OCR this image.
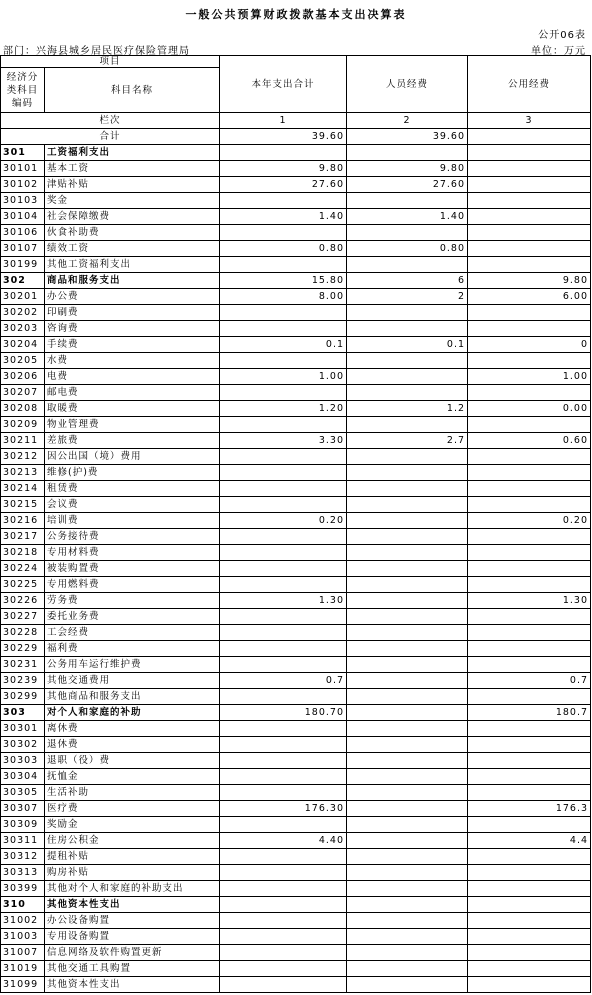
一般公共预算财政拨款基本支出决算表
公开06表
部门：兴海县城乡居民医疗保险管理局	单位：万元
项目		本年支出合计	人员经费	公用经费
经济分类科目编码	科目名称			
栏次		1	2	3
合计		39.60	39.60	
301	工资福利支出			
30101	基本工资	9.80	9.80	
30102	津贴补贴	27.60	27.60	
30103	奖金			
30104	社会保障缴费	1.40	1.40	
30106	伙食补助费			
30107	绩效工资	0.80	0.80	
30199	其他工资福利支出			
302	商品和服务支出	15.80	6	9.80
30201	办公费	8.00	2	6.00
30202	印刷费			
30203	咨询费			
30204	手续费	0.1	0.1	0
30205	水费			
30206	电费	1.00		1.00
30207	邮电费			
30208	取暖费	1.20	1.2	0.00
30209	物业管理费			
30211	差旅费	3.30	2.7	0.60
30212	因公出国（境）费用			
30213	维修(护)费			
30214	租赁费			
30215	会议费			
30216	培训费	0.20		0.20
30217	公务接待费			
30218	专用材料费			
30224	被装购置费			
30225	专用燃料费			
30226	劳务费	1.30		1.30
30227	委托业务费			
30228	工会经费			
30229	福利费			
30231	公务用车运行维护费			
30239	其他交通费用	0.7		0.7
30299	其他商品和服务支出			
303	对个人和家庭的补助	180.70		180.7
30301	离休费			
30302	退休费			
30303	退职（役）费			
30304	抚恤金			
30305	生活补助			
30307	医疗费	176.30		176.3
30309	奖励金			
30311	住房公积金	4.40		4.4
30312	提租补贴			
30313	购房补贴			
30399	其他对个人和家庭的补助支出			
310	其他资本性支出			
31002	办公设备购置			
31003	专用设备购置			
31007	信息网络及软件购置更新			
31019	其他交通工具购置			
31099	其他资本性支出			
